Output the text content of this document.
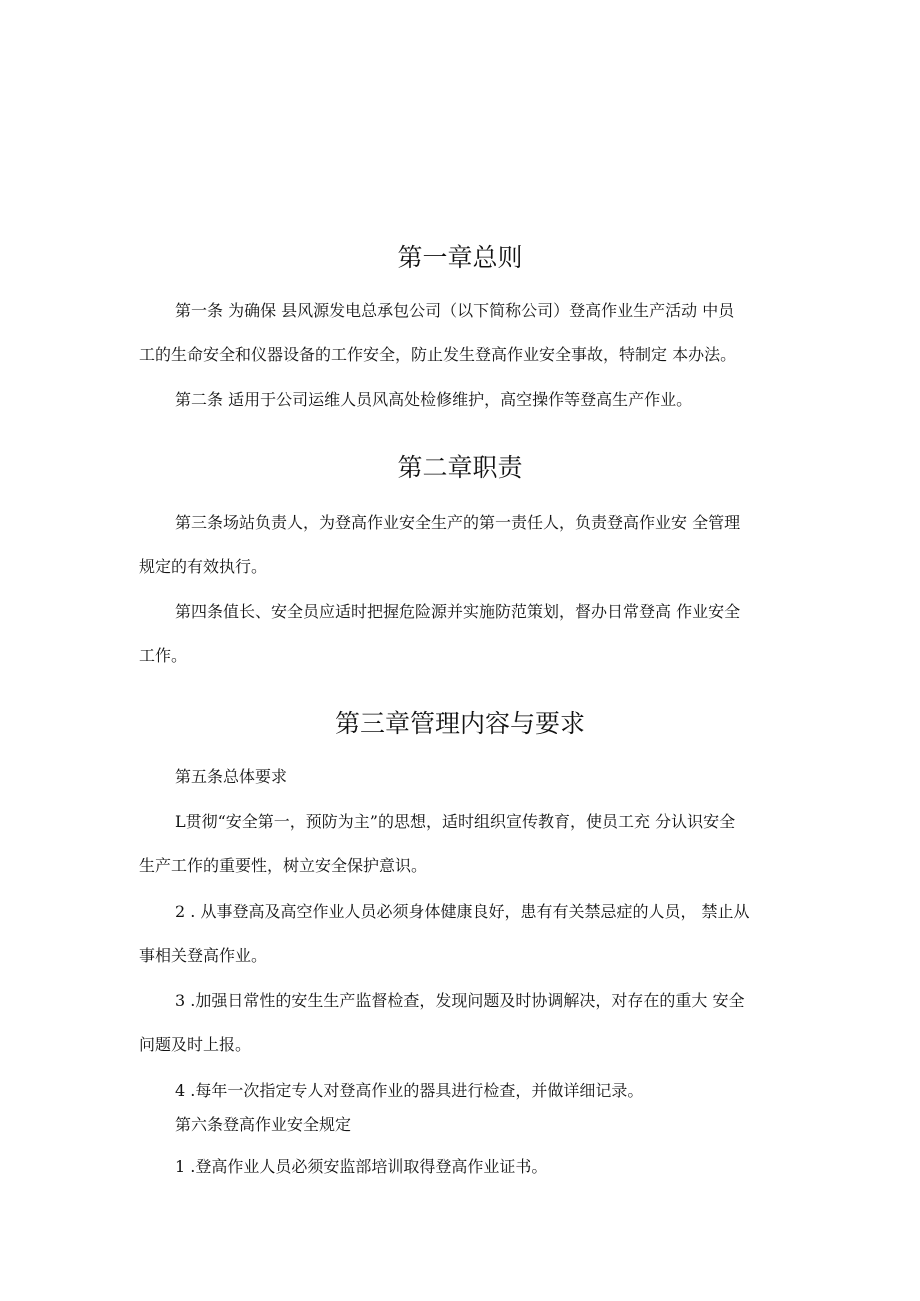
第一章总则
第一条 为确保 县风源发电总承包公司（以下简称公司）登高作业生产活动 中员
工的生命安全和仪器设备的工作安全，防止发生登高作业安全事故，特制定 本办法。
第二条 适用于公司运维人员风高处检修维护，高空操作等登高生产作业。
第二章职责
第三条场站负责人，为登高作业安全生产的第一责任人，负责登高作业安 全管理
规定的有效执行。
第四条值长、安全员应适时把握危险源并实施防范策划，督办日常登高 作业安全
工作。
第三章管理内容与要求
第五条总体要求
L贯彻“安全第一，预防为主”的思想，适时组织宣传教育，使员工充 分认识安全
生产工作的重要性，树立安全保护意识。
2 . 从事登高及高空作业人员必须身体健康良好，患有有关禁忌症的人员， 禁止从
事相关登高作业。
3 .加强日常性的安生生产监督检查，发现问题及时协调解决，对存在的重大 安全
问题及时上报。
4 .每年一次指定专人对登高作业的器具进行检查，并做详细记录。
第六条登高作业安全规定
1 .登高作业人员必须安监部培训取得登高作业证书。
